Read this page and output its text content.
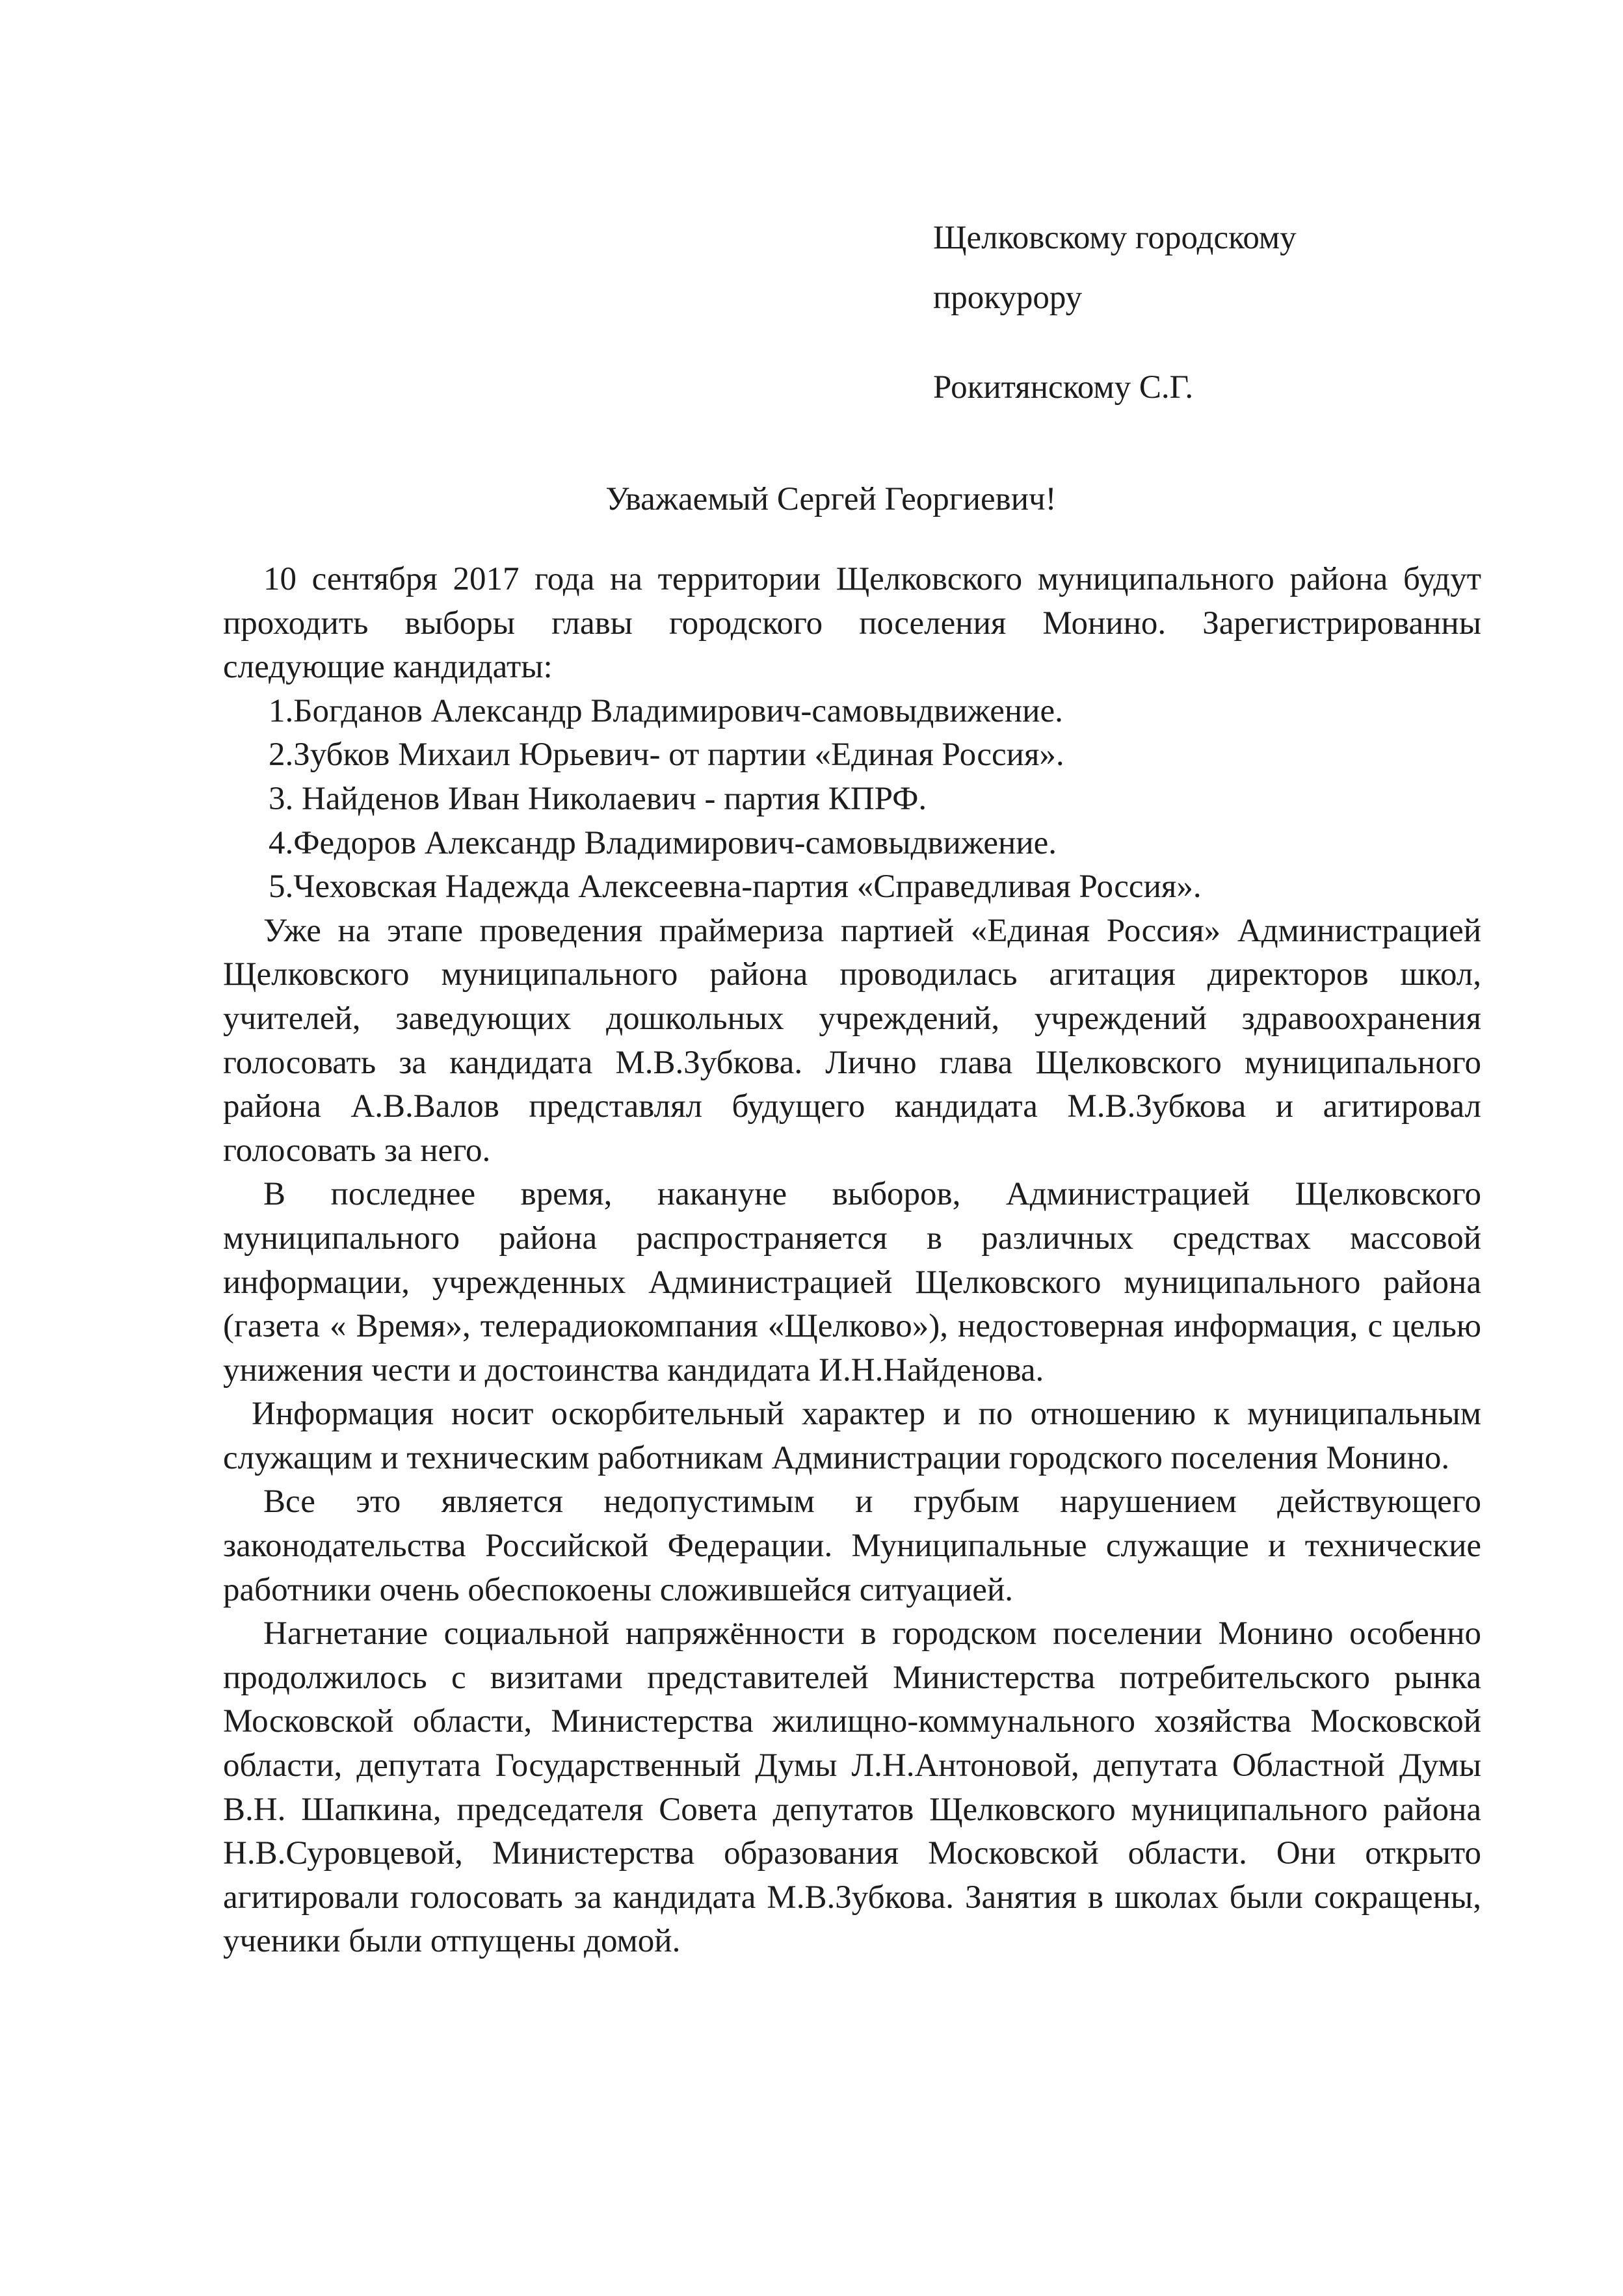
Щелковскому городскому
прокурору
Рокитянскому С.Г.
Уважаемый Сергей Георгиевич!

10 сентября 2017 года на территории Щелковского муниципального района будут проходить выборы главы городского поселения Монино. Зарегистрированны следующие кандидаты:

1.Богданов Александр Владимирович-самовыдвижение.

2.Зубков Михаил Юрьевич- от партии «Единая Россия».

3. Найденов Иван Николаевич - партия КПРФ.

4.Федоров Александр Владимирович-самовыдвижение.

5.Чеховская Надежда Алексеевна-партия «Справедливая Россия».

Уже на этапе проведения праймериза партией «Единая Россия» Администрацией Щелковского муниципального района проводилась агитация директоров школ, учителей, заведующих дошкольных учреждений, учреждений здравоохранения голосовать за кандидата М.В.Зубкова. Лично глава Щелковского муниципального района А.В.Валов представлял будущего кандидата М.В.Зубкова и агитировал голосовать за него.

В последнее время, накануне выборов, Администрацией Щелковского муниципального района распространяется в различных средствах массовой информации, учрежденных Администрацией Щелковского муниципального района (газета « Время», телерадиокомпания «Щелково»), недостоверная информация, с целью унижения чести и достоинства кандидата И.Н.Найденова.

Информация носит оскорбительный характер и по отношению к муниципальным служащим и техническим работникам Администрации городского поселения Монино.

Все это является недопустимым и грубым нарушением действующего законодательства Российской Федерации. Муниципальные служащие и технические работники очень обеспокоены сложившейся ситуацией.

Нагнетание социальной напряжённости в городском поселении Монино особенно продолжилось с визитами представителей Министерства потребительского рынка Московской области, Министерства жилищно-коммунального хозяйства Московской области, депутата Государственный Думы Л.Н.Антоновой, депутата Областной Думы В.Н. Шапкина, председателя Совета депутатов Щелковского муниципального района Н.В.Суровцевой, Министерства образования Московской области. Они открыто агитировали голосовать за кандидата М.В.Зубкова. Занятия в школах были сокращены, ученики были отпущены домой.
